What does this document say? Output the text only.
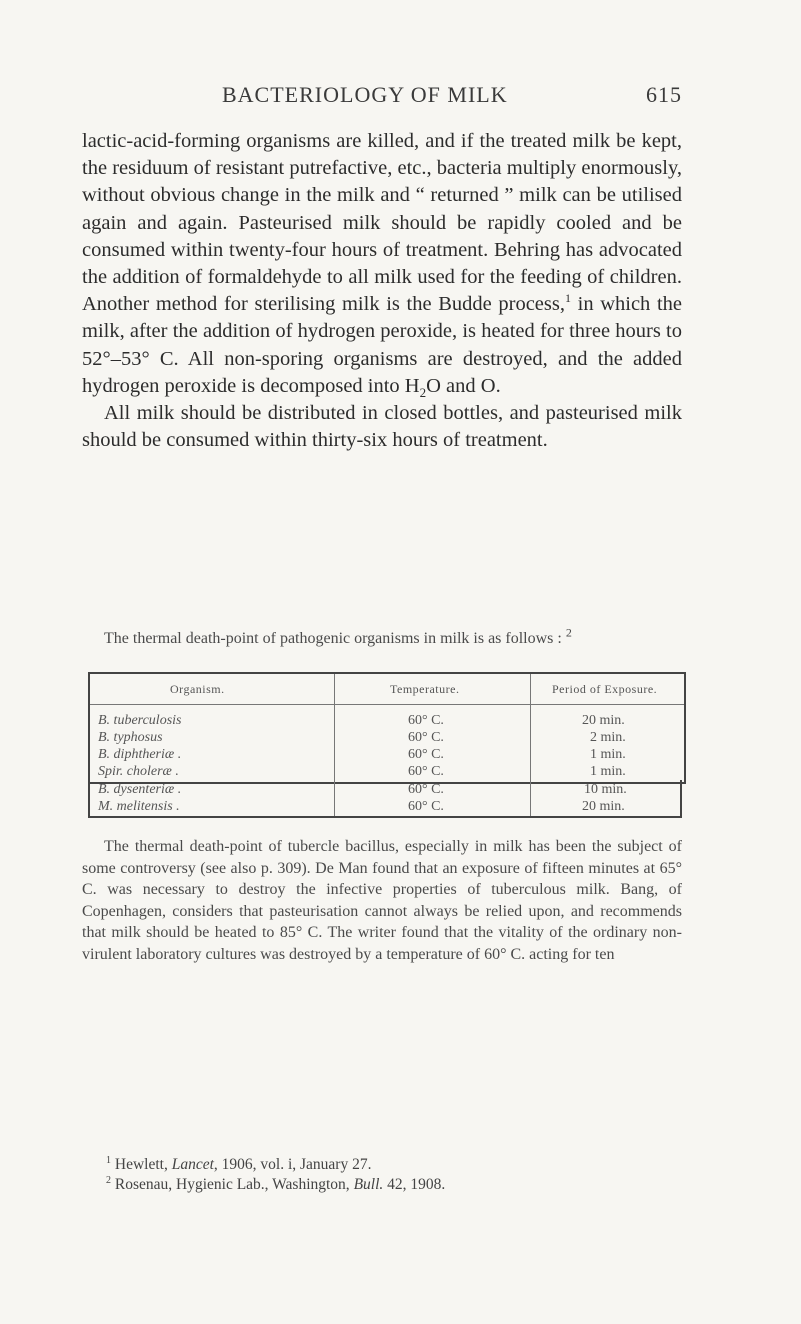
BACTERIOLOGY OF MILK	615

lactic-acid-forming organisms are killed, and if the treated milk be kept, the residuum of resistant putrefactive, etc., bacteria multiply enormously, without obvious change in the milk and “ returned ” milk can be utilised again and again. Pasteurised milk should be rapidly cooled and be consumed within twenty-four hours of treatment. Behring has advocated the addition of formaldehyde to all milk used for the feeding of children. Another method for sterilising milk is the Budde process,$^1$ in which the milk, after the addition of hydrogen peroxide, is heated for three hours to 52°–53° C. All non-sporing organisms are destroyed, and the added hydrogen peroxide is decomposed into $H_2O$ and O.

All milk should be distributed in closed bottles, and pasteurised milk should be consumed within thirty-six hours of treatment.

The thermal death-point of pathogenic organisms in milk is as follows : $^2$

Organism.	Temperature.	Period of Exposure.
B. tuberculosis	60° C.	20 min.
B. typhosus	60° C.	2 min.
B. diphtheriæ .	60° C.	1 min.
Spir. choleræ .	60° C.	1 min.
B. dysenteriæ .	60° C.	10 min.
M. melitensis .	60° C.	20 min.

The thermal death-point of tubercle bacillus, especially in milk has been the subject of some controversy (see also p. 309). De Man found that an exposure of fifteen minutes at 65° C. was necessary to destroy the infective properties of tuberculous milk. Bang, of Copenhagen, considers that pasteurisation cannot always be relied upon, and recommends that milk should be heated to 85° C. The writer found that the vitality of the ordinary non-virulent laboratory cultures was destroyed by a temperature of 60° C. acting for ten

$^1$ Hewlett, Lancet, 1906, vol. i, January 27.
$^2$ Rosenau, Hygienic Lab., Washington, Bull. 42, 1908.
